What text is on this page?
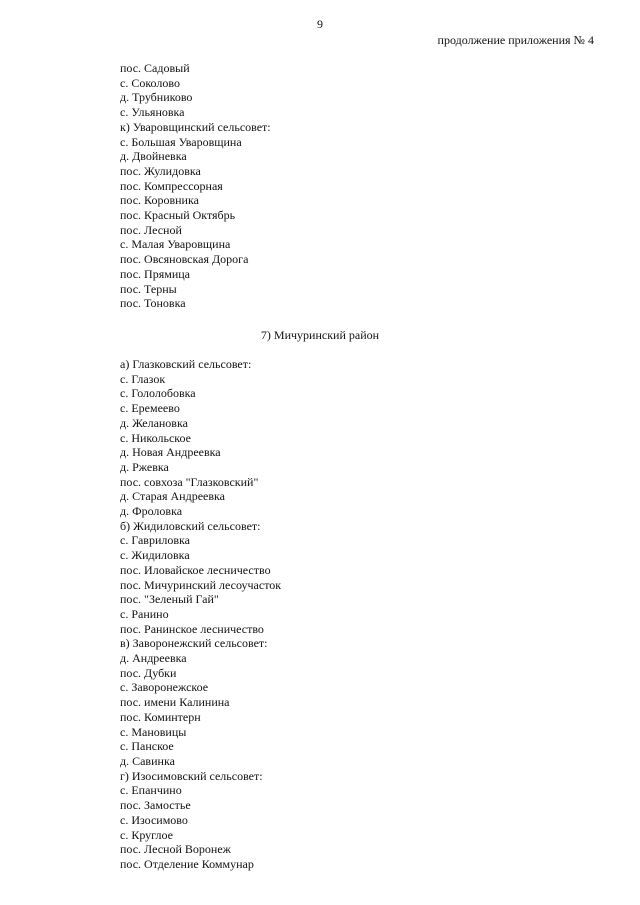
9
продолжение приложения № 4
пос. Садовый
с. Соколово
д. Трубниково
с. Ульяновка
к) Уваровщинский сельсовет:
с. Большая Уваровщина
д. Двойневка
пос. Жулидовка
пос. Компрессорная
пос. Коровника
пос. Красный Октябрь
пос. Лесной
с. Малая Уваровщина
пос. Овсяновская Дорога
пос. Прямица
пос. Терны
пос. Тоновка
7) Мичуринский район
а) Глазковский сельсовет:
с. Глазок
с. Гололобовка
с. Еремеево
д. Желановка
с. Никольское
д. Новая Андреевка
д. Ржевка
пос. совхоза "Глазковский"
д. Старая Андреевка
д. Фроловка
б) Жидиловский сельсовет:
с. Гавриловка
с. Жидиловка
пос. Иловайское лесничество
пос. Мичуринский лесоучасток
пос. "Зеленый Гай"
с. Ранино
пос. Ранинское лесничество
в) Заворонежский сельсовет:
д. Андреевка
пос. Дубки
с. Заворонежское
пос. имени Калинина
пос. Коминтерн
с. Мановицы
с. Панское
д. Савинка
г) Изосимовский сельсовет:
с. Епанчино
пос. Замостье
с. Изосимово
с. Круглое
пос. Лесной Воронеж
пос. Отделение Коммунар
